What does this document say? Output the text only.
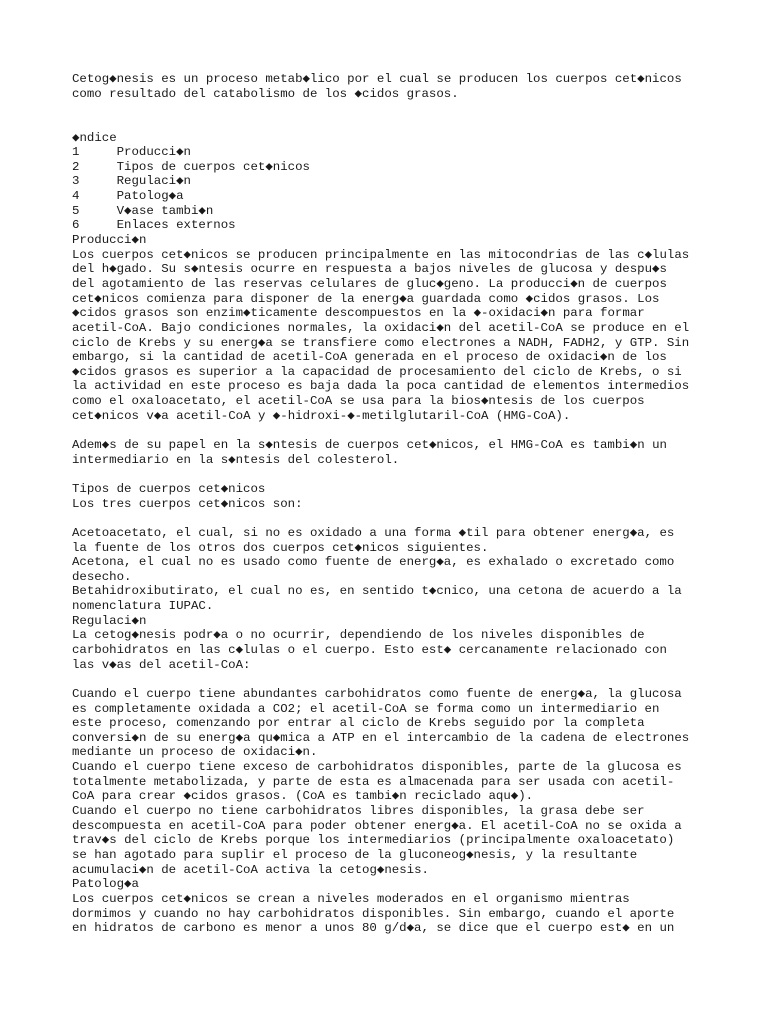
Cetog◆nesis es un proceso metab◆lico por el cual se producen los cuerpos cet◆nicos
como resultado del catabolismo de los ◆cidos grasos.
◆ndice
1     Producci◆n
2     Tipos de cuerpos cet◆nicos
3     Regulaci◆n
4     Patolog◆a
5     V◆ase tambi◆n
6     Enlaces externos
Producci◆n
Los cuerpos cet◆nicos se producen principalmente en las mitocondrias de las c◆lulas
del h◆gado. Su s◆ntesis ocurre en respuesta a bajos niveles de glucosa y despu◆s
del agotamiento de las reservas celulares de gluc◆geno. La producci◆n de cuerpos
cet◆nicos comienza para disponer de la energ◆a guardada como ◆cidos grasos. Los
◆cidos grasos son enzim◆ticamente descompuestos en la ◆-oxidaci◆n para formar
acetil-CoA. Bajo condiciones normales, la oxidaci◆n del acetil-CoA se produce en el
ciclo de Krebs y su energ◆a se transfiere como electrones a NADH, FADH2, y GTP. Sin
embargo, si la cantidad de acetil-CoA generada en el proceso de oxidaci◆n de los
◆cidos grasos es superior a la capacidad de procesamiento del ciclo de Krebs, o si
la actividad en este proceso es baja dada la poca cantidad de elementos intermedios
como el oxaloacetato, el acetil-CoA se usa para la bios◆ntesis de los cuerpos
cet◆nicos v◆a acetil-CoA y ◆-hidroxi-◆-metilglutaril-CoA (HMG-CoA).
Adem◆s de su papel en la s◆ntesis de cuerpos cet◆nicos, el HMG-CoA es tambi◆n un
intermediario en la s◆ntesis del colesterol.
Tipos de cuerpos cet◆nicos
Los tres cuerpos cet◆nicos son:
Acetoacetato, el cual, si no es oxidado a una forma ◆til para obtener energ◆a, es
la fuente de los otros dos cuerpos cet◆nicos siguientes.
Acetona, el cual no es usado como fuente de energ◆a, es exhalado o excretado como
desecho.
Betahidroxibutirato, el cual no es, en sentido t◆cnico, una cetona de acuerdo a la
nomenclatura IUPAC.
Regulaci◆n
La cetog◆nesis podr◆a o no ocurrir, dependiendo de los niveles disponibles de
carbohidratos en las c◆lulas o el cuerpo. Esto est◆ cercanamente relacionado con
las v◆as del acetil-CoA:
Cuando el cuerpo tiene abundantes carbohidratos como fuente de energ◆a, la glucosa
es completamente oxidada a CO2; el acetil-CoA se forma como un intermediario en
este proceso, comenzando por entrar al ciclo de Krebs seguido por la completa
conversi◆n de su energ◆a qu◆mica a ATP en el intercambio de la cadena de electrones
mediante un proceso de oxidaci◆n.
Cuando el cuerpo tiene exceso de carbohidratos disponibles, parte de la glucosa es
totalmente metabolizada, y parte de esta es almacenada para ser usada con acetil-
CoA para crear ◆cidos grasos. (CoA es tambi◆n reciclado aqu◆).
Cuando el cuerpo no tiene carbohidratos libres disponibles, la grasa debe ser
descompuesta en acetil-CoA para poder obtener energ◆a. El acetil-CoA no se oxida a
trav◆s del ciclo de Krebs porque los intermediarios (principalmente oxaloacetato)
se han agotado para suplir el proceso de la gluconeog◆nesis, y la resultante
acumulaci◆n de acetil-CoA activa la cetog◆nesis.
Patolog◆a
Los cuerpos cet◆nicos se crean a niveles moderados en el organismo mientras
dormimos y cuando no hay carbohidratos disponibles. Sin embargo, cuando el aporte
en hidratos de carbono es menor a unos 80 g/d◆a, se dice que el cuerpo est◆ en un
